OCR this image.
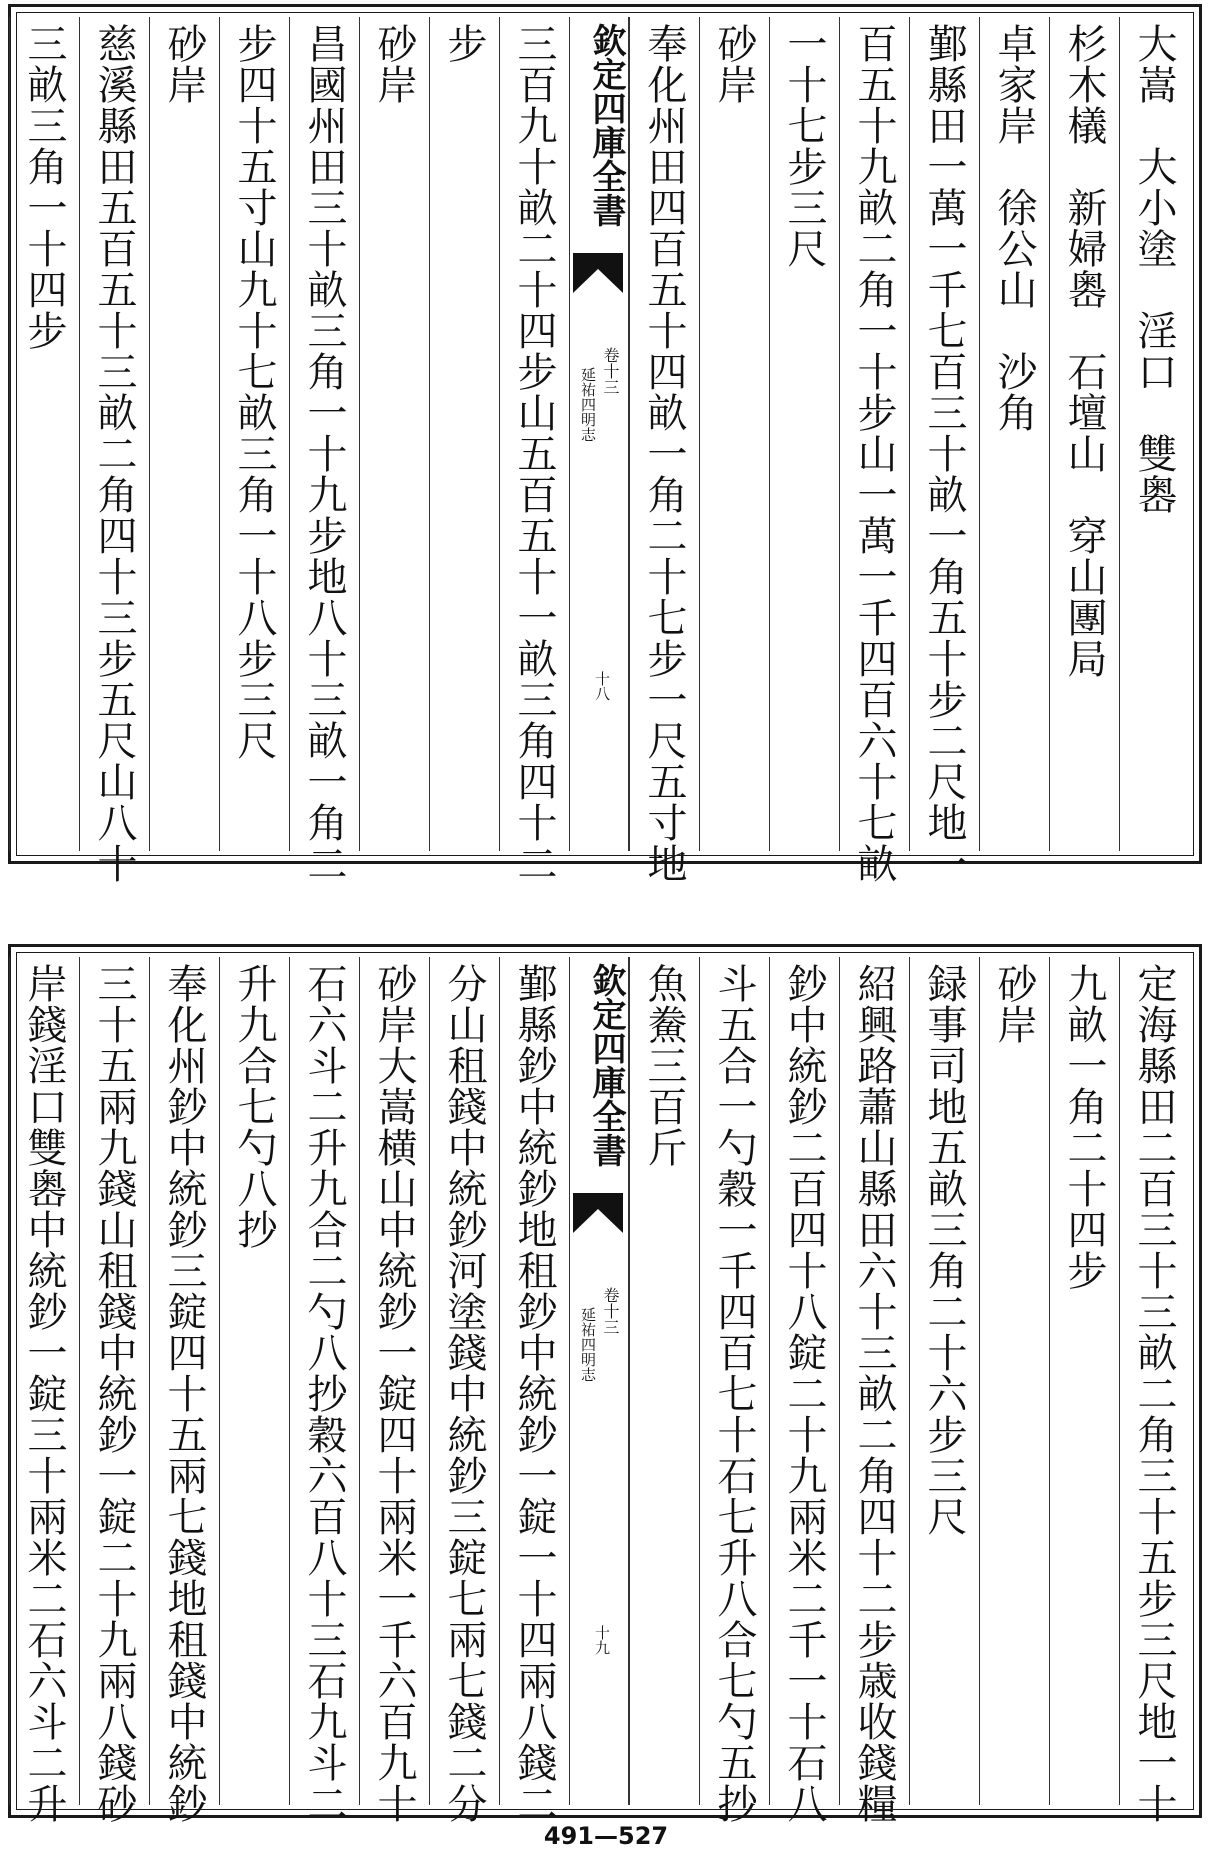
大嵩　大小塗　淫口　雙嶴
杉木檥　新婦嶴　石壇山　穿山團局
卓家岸　徐公山　沙角
鄞縣田一萬一千七百三十畝一角五十步二尺地一
百五十九畝二角一十步山一萬一千四百六十七畝
一十七步三尺
砂岸
奉化州田四百五十四畝一角二十七步一尺五寸地
欽定四庫全書
卷十三
延祐四明志
十八
三百九十畝二十四步山五百五十一畝三角四十二
步
砂岸
昌國州田三十畝三角一十九步地八十三畝一角二
步四十五寸山九十七畝三角一十八步三尺
砂岸
慈溪縣田五百五十三畝二角四十三步五尺山八十
三畝三角一十四步
定海縣田二百三十三畝二角三十五步三尺地一十
九畝一角二十四步
砂岸
録事司地五畝三角二十六步三尺
紹興路蕭山縣田六十三畝二角四十二步歳收錢糧
鈔中統鈔二百四十八錠二十九兩米二千一十石八
斗五合一勺穀一千四百七十石七升八合七勺五抄
魚鮝三百斤
欽定四庫全書
卷十三
延祐四明志
十九
鄞縣鈔中統鈔地租鈔中統鈔一錠一十四兩八錢二
分山租錢中統鈔河塗錢中統鈔三錠七兩七錢二分
砂岸大嵩横山中統鈔一錠四十兩米一千六百九十
石六斗二升九合二勺八抄穀六百八十三石九斗二
升九合七勺八抄
奉化州鈔中統鈔三錠四十五兩七錢地租錢中統鈔
三十五兩九錢山租錢中統鈔一錠二十九兩八錢砂
岸錢淫口雙嶴中統鈔一錠三十兩米二石六斗二升
491—527
